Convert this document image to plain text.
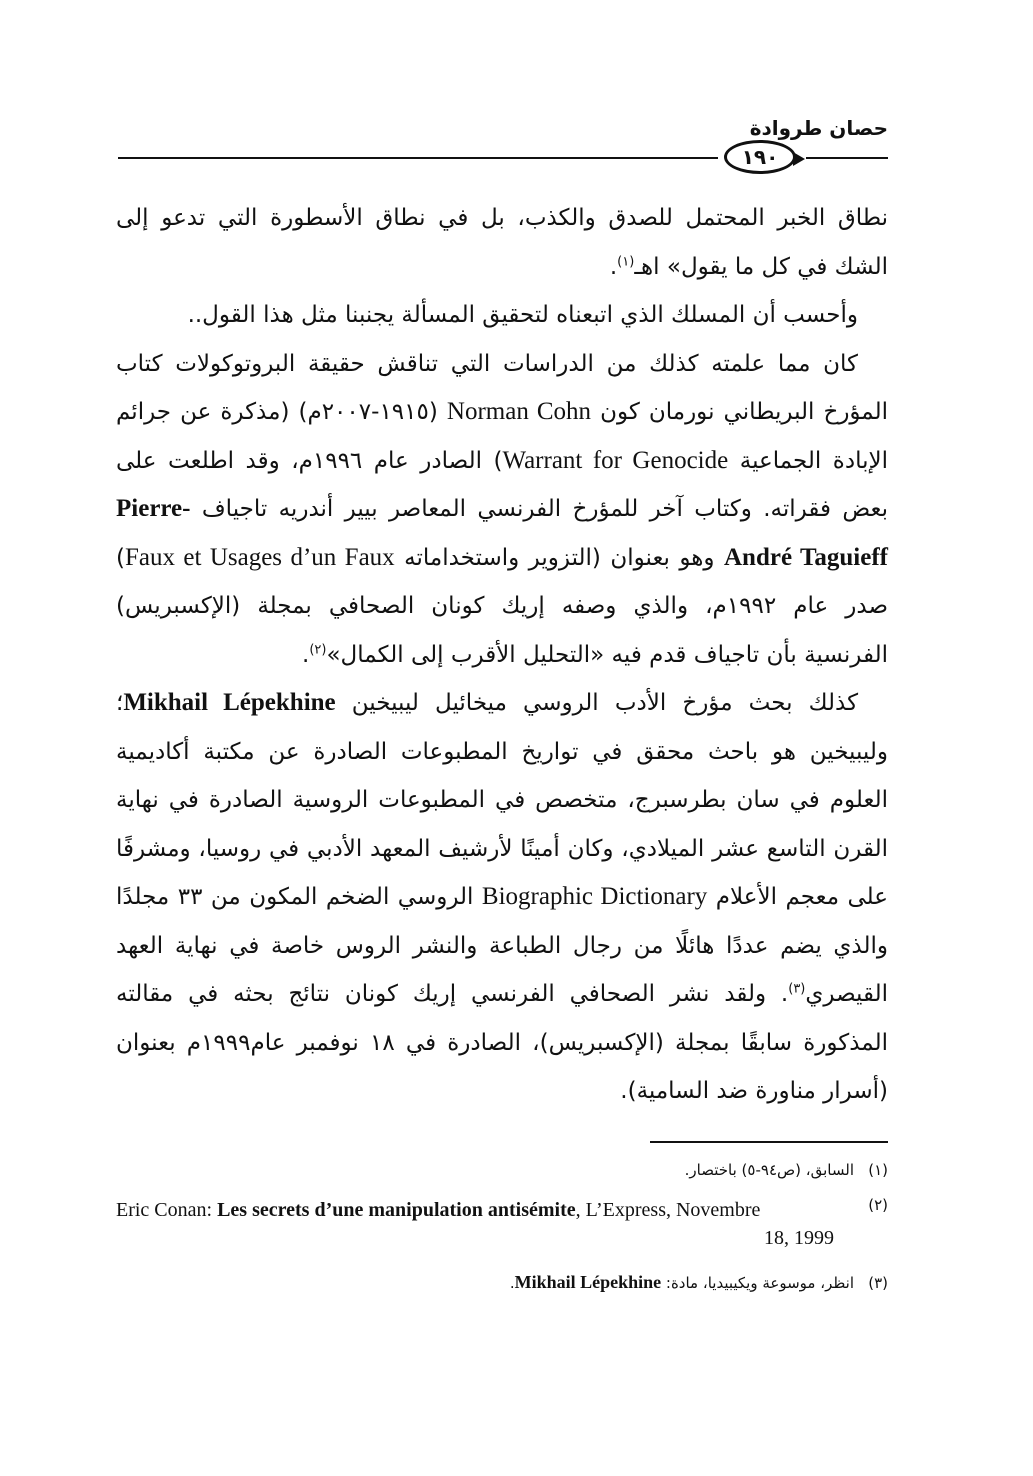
حصان طروادة
١٩٠

نطاق الخبر المحتمل للصدق والكذب، بل في نطاق الأسطورة التي تدعو إلى الشك في كل ما يقول» اهـ$^{(١)}$.

وأحسب أن المسلك الذي اتبعناه لتحقيق المسألة يجنبنا مثل هذا القول..

كان مما علمته كذلك من الدراسات التي تناقش حقيقة البروتوكولات كتاب المؤرخ البريطاني نورمان كون Norman Cohn (١٩١٥-٢٠٠٧م) (مذكرة عن جرائم الإبادة الجماعية Warrant for Genocide) الصادر عام ١٩٩٦م، وقد اطلعت على بعض فقراته. وكتاب آخر للمؤرخ الفرنسي المعاصر بيير أندريه تاجياف Pierre-André Taguieff وهو بعنوان (التزوير واستخداماته Faux et Usages d’un Faux) صدر عام ١٩٩٢م، والذي وصفه إريك كونان الصحافي بمجلة (الإكسبريس) الفرنسية بأن تاجياف قدم فيه «التحليل الأقرب إلى الكمال»$^{(٢)}$.

كذلك بحث مؤرخ الأدب الروسي ميخائيل ليبيخين Mikhail Lépekhine؛ وليبيخين هو باحث محقق في تواريخ المطبوعات الصادرة عن مكتبة أكاديمية العلوم في سان بطرسبرج، متخصص في المطبوعات الروسية الصادرة في نهاية القرن التاسع عشر الميلادي، وكان أمينًا لأرشيف المعهد الأدبي في روسيا، ومشرفًا على معجم الأعلام Biographic Dictionary الروسي الضخم المكون من ٣٣ مجلدًا والذي يضم عددًا هائلًا من رجال الطباعة والنشر الروس خاصة في نهاية العهد القيصري$^{(٣)}$. ولقد نشر الصحافي الفرنسي إريك كونان نتائج بحثه في مقالته المذكورة سابقًا بمجلة (الإكسبريس)، الصادرة في ١٨ نوفمبر عام١٩٩٩م بعنوان (أسرار مناورة ضد السامية).

(١)السابق، (ص٩٤-٥) باختصار.
(٢)
Eric Conan: Les secrets d’une manipulation antisémite, L’Express, Novembre
18, 1999
(٣)انظر، موسوعة ويكيبيديا، مادة: Mikhail Lépekhine.
